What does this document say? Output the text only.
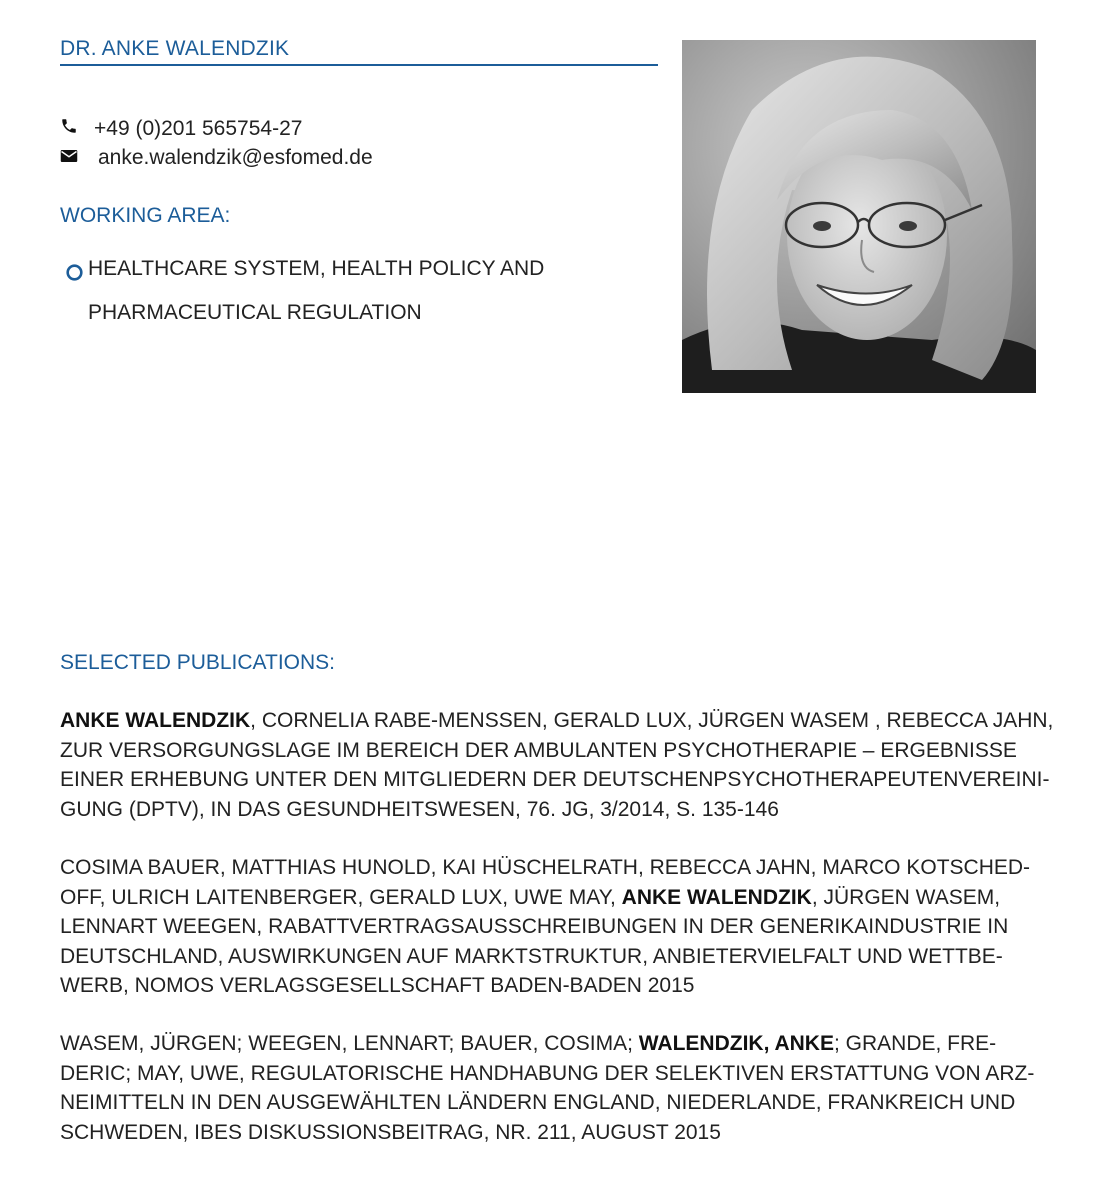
DR. ANKE WALENDZIK
+49 (0)201 565754-27
anke.walendzik@esfomed.de
WORKING AREA:
HEALTHCARE SYSTEM, HEALTH POLICY AND
PHARMACEUTICAL REGULATION
SELECTED PUBLICATIONS:
ANKE WALENDZIK, CORNELIA RABE-MENSSEN, GERALD LUX, JÜRGEN WASEM , REBECCA JAHN,
ZUR VERSORGUNGSLAGE IM BEREICH DER AMBULANTEN PSYCHOTHERAPIE – ERGEBNISSE
EINER ERHEBUNG UNTER DEN MITGLIEDERN DER DEUTSCHENPSYCHOTHERAPEUTENVEREINI-
GUNG (DPTV), IN DAS GESUNDHEITSWESEN, 76. JG, 3/2014, S. 135-146
COSIMA BAUER, MATTHIAS HUNOLD, KAI HÜSCHELRATH, REBECCA JAHN, MARCO KOTSCHED-
OFF, ULRICH LAITENBERGER, GERALD LUX, UWE MAY, ANKE WALENDZIK, JÜRGEN WASEM,
LENNART WEEGEN, RABATTVERTRAGSAUSSCHREIBUNGEN IN DER GENERIKAINDUSTRIE IN
DEUTSCHLAND, AUSWIRKUNGEN AUF MARKTSTRUKTUR, ANBIETERVIELFALT UND WETTBE-
WERB, NOMOS VERLAGSGESELLSCHAFT BADEN-BADEN 2015
WASEM, JÜRGEN; WEEGEN, LENNART; BAUER, COSIMA; WALENDZIK, ANKE; GRANDE, FRE-
DERIC; MAY, UWE, REGULATORISCHE HANDHABUNG DER SELEKTIVEN ERSTATTUNG VON ARZ-
NEIMITTELN IN DEN AUSGEWÄHLTEN LÄNDERN ENGLAND, NIEDERLANDE, FRANKREICH UND
SCHWEDEN, IBES DISKUSSIONSBEITRAG, NR. 211, AUGUST 2015
